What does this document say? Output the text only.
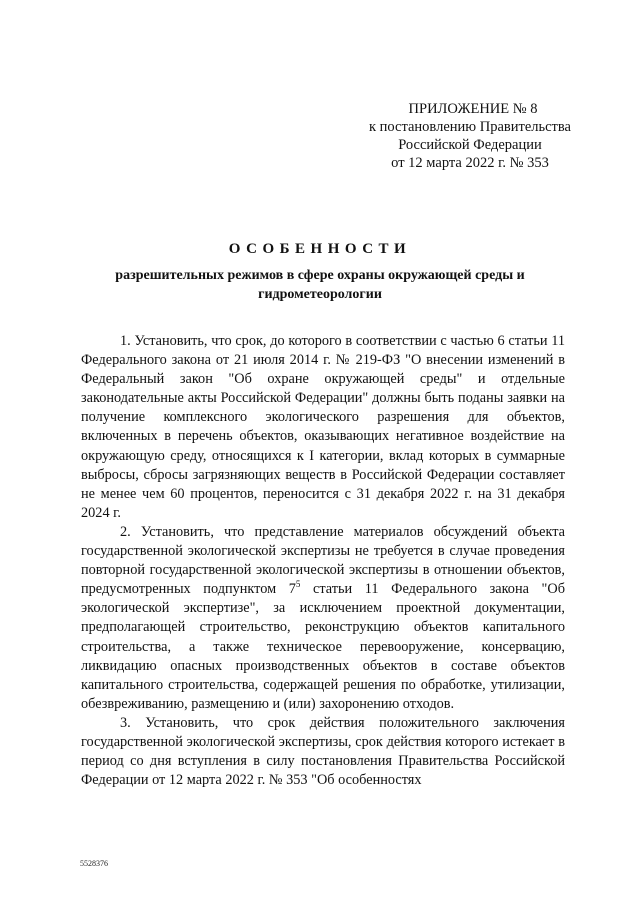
ПРИЛОЖЕНИЕ № 8
к постановлению Правительства
Российской Федерации
от 12 марта 2022 г. № 353
ОСОБЕННОСТИ
разрешительных режимов в сфере охраны окружающей среды и гидрометеорологии

1. Установить, что срок, до которого в соответствии с частью 6 статьи 11 Федерального закона от 21 июля 2014 г. № 219-ФЗ "О внесении изменений в Федеральный закон "Об охране окружающей среды" и отдельные законодательные акты Российской Федерации" должны быть поданы заявки на получение комплексного экологического разрешения для объектов, включенных в перечень объектов, оказывающих негативное воздействие на окружающую среду, относящихся к I категории, вклад которых в суммарные выбросы, сбросы загрязняющих веществ в Российской Федерации составляет не менее чем 60 процентов, переносится с 31 декабря 2022 г. на 31 декабря 2024 г.

2. Установить, что представление материалов обсуждений объекта государственной экологической экспертизы не требуется в случае проведения повторной государственной экологической экспертизы в отношении объектов, предусмотренных подпунктом $7^5$ статьи 11 Федерального закона "Об экологической экспертизе", за исключением проектной документации, предполагающей строительство, реконструкцию объектов капитального строительства, а также техническое перевооружение, консервацию, ликвидацию опасных производственных объектов в составе объектов капитального строительства, содержащей решения по обработке, утилизации, обезвреживанию, размещению и (или) захоронению отходов.

3. Установить, что срок действия положительного заключения государственной экологической экспертизы, срок действия которого истекает в период со дня вступления в силу постановления Правительства Российской Федерации от 12 марта 2022 г. № 353 "Об особенностях

5528376
